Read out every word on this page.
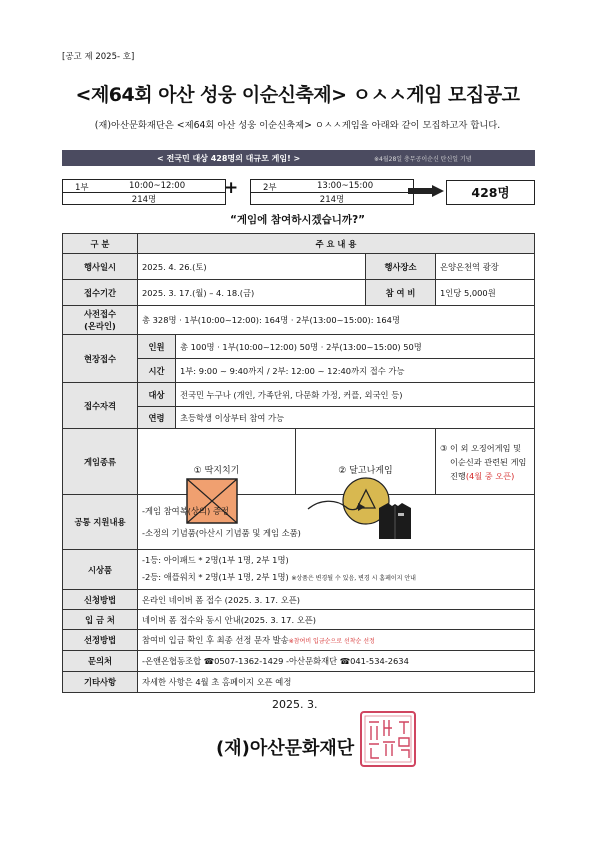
[공고 제 2025- 호]
<제64회 아산 성웅 이순신축제> ㅇㅅㅅ게임 모집공고
(재)아산문화재단은 <제64회 아산 성웅 이순신축제> ㅇㅅㅅ게임을 아래와 같이 모집하고자 합니다.
< 전국민 대상 428명의 대규모 게임! >	※4월28일 충무공이순신 탄신일 기념
1부	10:00~12:00
214명
+	2부	13:00~15:00
214명	428명
“게임에 참여하시겠습니까?”
구 분	주 요 내 용				
행사일시	2025. 4. 26.(토)			행사장소	온양온천역 광장
접수기간	2025. 3. 17.(월) – 4. 18.(금)			참 여 비	1인당 5,000원
사전접수
(온라인)	총 328명 · 1부(10:00~12:00): 164명 · 2부(13:00~15:00): 164명				
현장접수	인원	총 100명 · 1부(10:00~12:00) 50명 · 2부(13:00~15:00) 50명			
	시간	1부: 9:00 ~ 9:40까지 / 2부: 12:00 ~ 12:40까지 접수 가능			
접수자격	대상	전국민 누구나 (개인, 가족단위, 다문화 가정, 커플, 외국인 등)			
	연령	초등학생 이상부터 참여 가능			
게임종류	① 딱지치기		② 달고나게임		③ 이 외 오징어게임 및
이순신과 관련된 게임
진행(4월 중 오픈)
공통 지원내용	-게임 참여복(상의) 증정
-소정의 기념품(아산시 기념품 및 게임 소품)				

시상품	-1등: 아이패드 * 2명(1부 1명, 2부 1명)
-2등: 애플워치 * 2명(1부 1명, 2부 1명) ※상품은 변경될 수 있음, 변경 시 홈페이지 안내				
신청방법	온라인 네이버 폼 접수 (2025. 3. 17. 오픈)				
입 금 처	네이버 폼 접수와 동시 안내(2025. 3. 17. 오픈)				
선정방법	참여비 입금 확인 후 최종 선정 문자 발송※참여비 입금순으로 선착순 선정				
문의처	-온앤온협동조합 ☎0507-1362-1429 -아산문화재단 ☎041-534-2634				
기타사항	자세한 사항은 4월 초 홈페이지 오픈 예정				
2025. 3.
(재)아산문화재단
